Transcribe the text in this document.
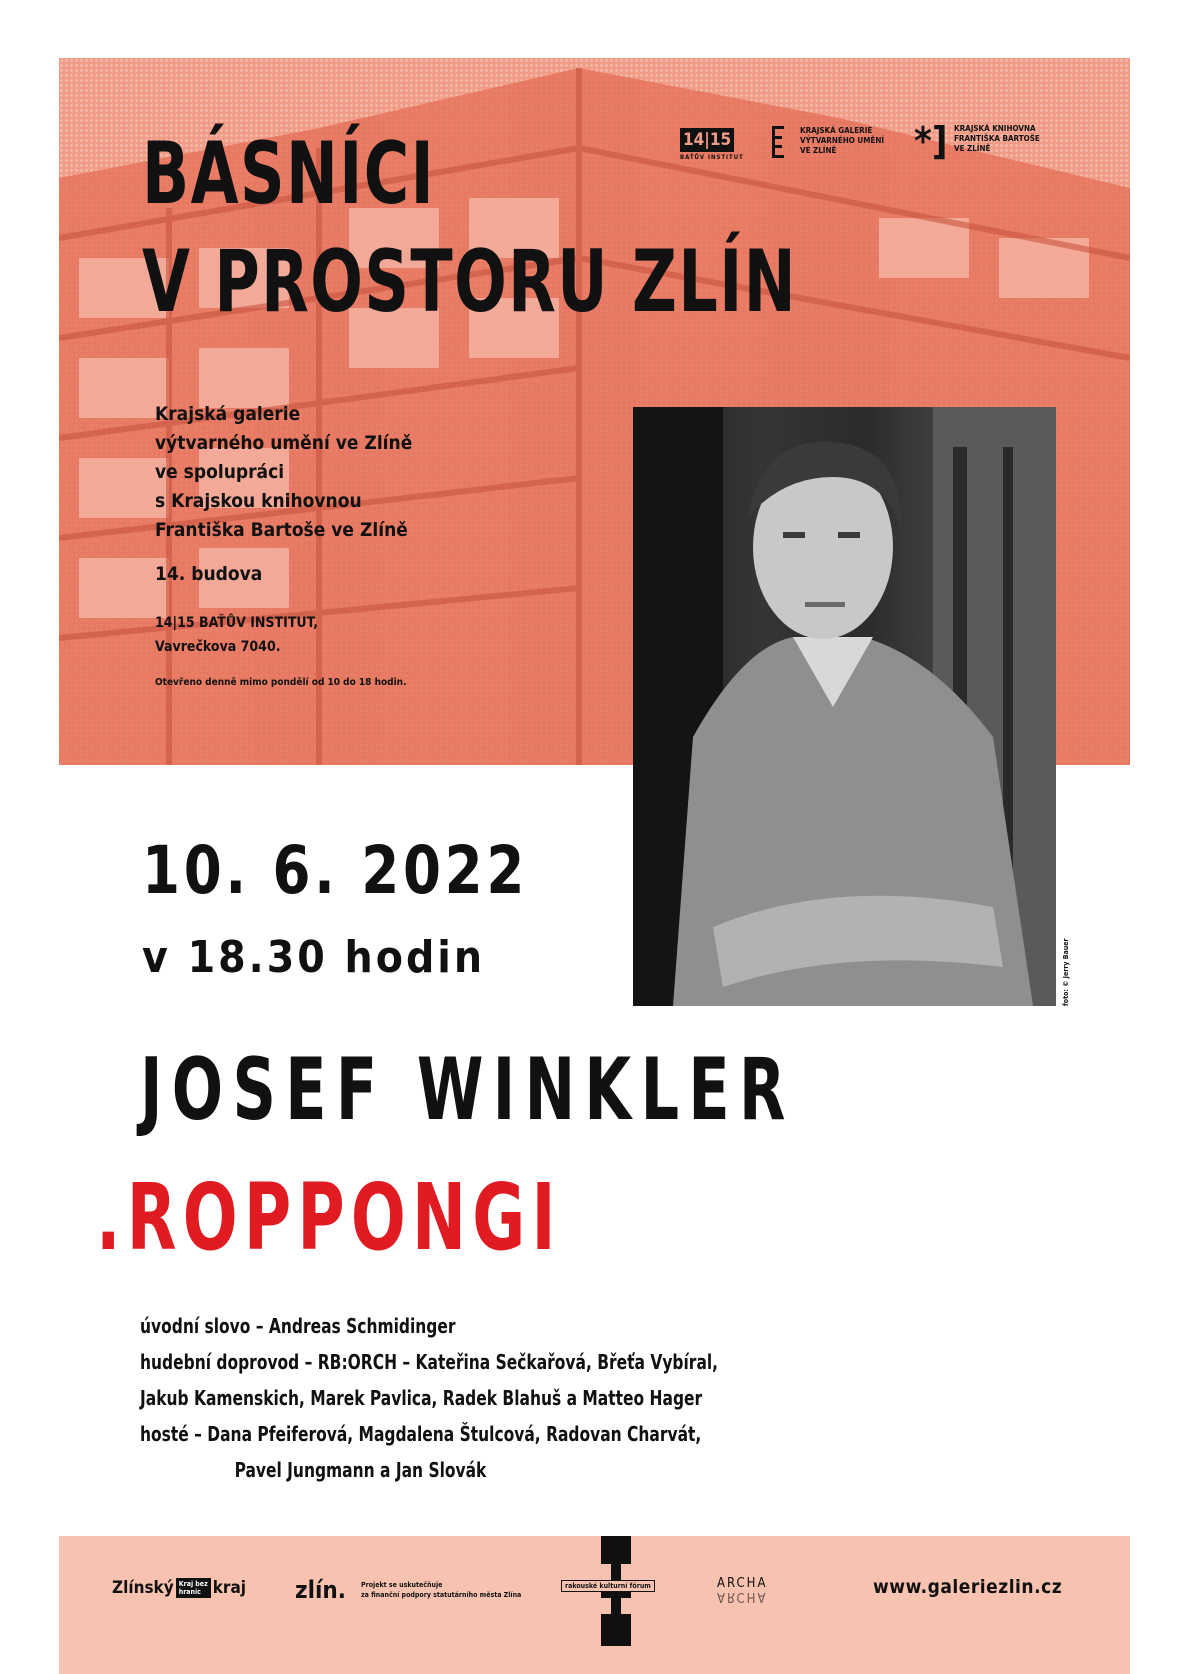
BÁSNÍCI
V PROSTORU ZLÍN
14|15
BAŤŮV INSTITUT
KRAJSKÁ GALERIE
VÝTVARNÉHO UMĚNÍ
VE ZLÍNĚ	*] KRAJSKÁ KNIHOVNA
FRANTIŠKA BARTOŠE
VE ZLÍNĚ

Krajská galerie
výtvarného umění ve Zlíně
ve spolupráci
s Krajskou knihovnou
Františka Bartoše ve Zlíně

14. budova
14|15 BAŤŮV INSTITUT,
Vavrečkova 7040.
Otevřeno denně mimo pondělí od 10 do 18 hodin.
foto: © Jerry Bauer
10. 6. 2022
v 18.30 hodin
JOSEF WINKLER
.ROPPONGI
úvodní slovo – Andreas Schmidinger
hudební doprovod – RB:ORCH – Kateřina Sečkařová, Břeťa Vybíral,
Jakub Kamenskich, Marek Pavlica, Radek Blahuš a Matteo Hager
hosté – Dana Pfeiferová, Magdalena Štulcová, Radovan Charvát,
Pavel Jungmann a Jan Slovák
Zlínský Kraj bez
hranic kraj zlín. Projekt se uskutečňuje
za finanční podpory statutárního města Zlína
rakouské kulturní fórum	ARCHA
ARCHA	www.galeriezlin.cz
